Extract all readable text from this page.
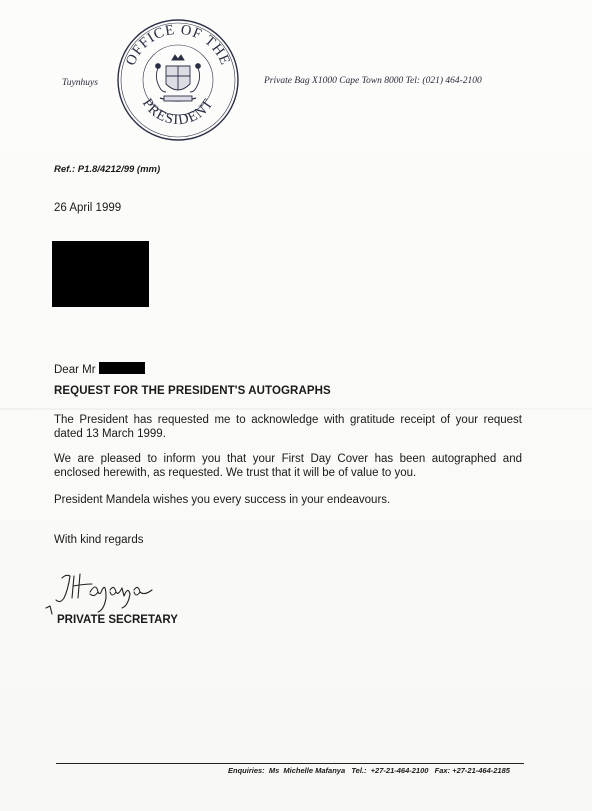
Tuynhuys
OFFICE OF THE
PRESIDENT
Private Bag X1000 Cape Town 8000 Tel: (021) 464-2100
Ref.: P1.8/4212/99 (mm)
26 April 1999
Dear Mr
REQUEST FOR THE PRESIDENT'S AUTOGRAPHS
The President has requested me to acknowledge with gratitude receipt of your request dated 13 March 1999.
We are pleased to inform you that your First Day Cover has been autographed and enclosed herewith, as requested. We trust that it will be of value to you.
President Mandela wishes you every success in your endeavours.
With kind regards
PRIVATE SECRETARY
Enquiries:  Ms  Michelle Mafanya   Tel.:  +27-21-464-2100   Fax: +27-21-464-2185
